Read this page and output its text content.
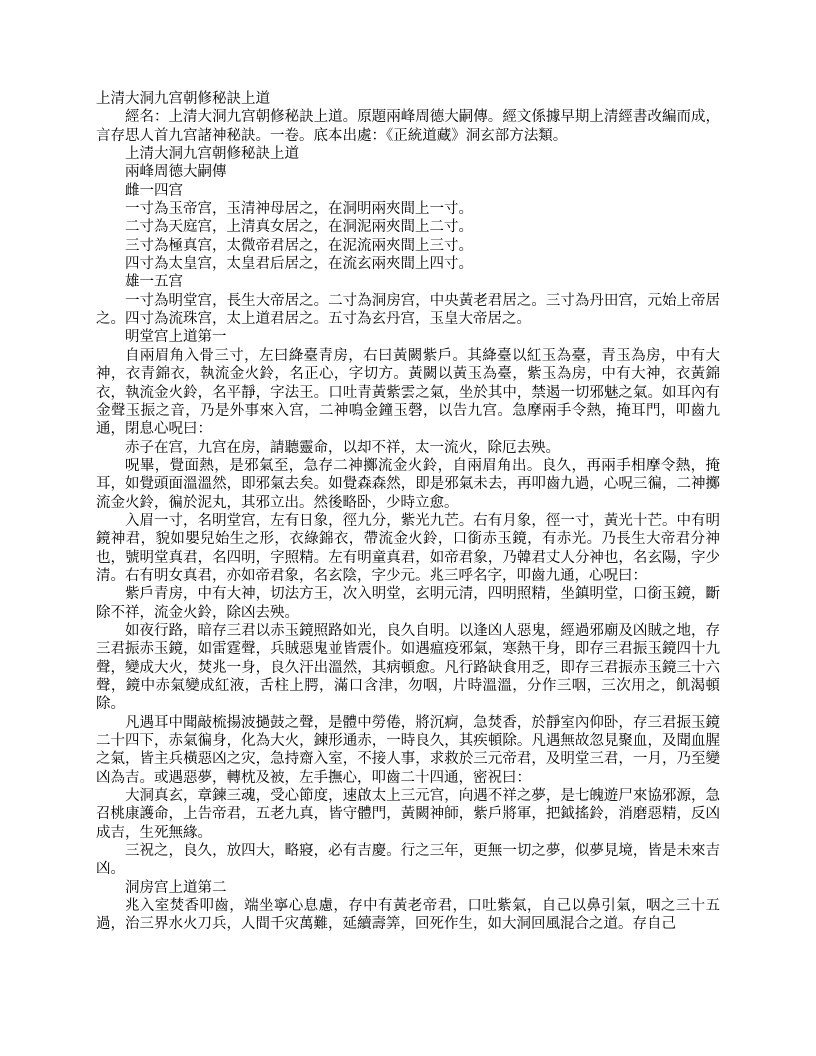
上清大洞九宫朝修秘訣上道

經名：上清大洞九宫朝修秘訣上道。原題兩峰周德大嗣傳。經文係據早期上清經書改編而成，言存思人首九宫諸神秘訣。一卷。底本出處：《正統道藏》洞玄部方法類。

上清大洞九宫朝修秘訣上道

兩峰周德大嗣傳

雌一四宫

一寸為玉帝宫，玉清神母居之，在洞明兩夾間上一寸。

二寸為天庭宫，上清真女居之，在洞泥兩夾間上二寸。

三寸為極真宫，太微帝君居之，在泥流兩夾間上三寸。

四寸為太皇宫，太皇君后居之，在流玄兩夾間上四寸。

雄一五宫

一寸為明堂宫，長生大帝居之。二寸為洞房宫，中央黃老君居之。三寸為丹田宫，元始上帝居之。四寸為流珠宫，太上道君居之。五寸為玄丹宫，玉皇大帝居之。

明堂宫上道第一

自兩眉角入骨三寸，左曰絳臺青房，右曰黃闕紫戶。其絳臺以紅玉為臺，青玉為房，中有大神，衣青錦衣，執流金火鈴，名正心，字切方。黃闕以黃玉為臺，紫玉為房，中有大神，衣黃錦衣，執流金火鈴，名平靜，字法王。口吐青黃紫雲之氣，坐於其中，禁遏一切邪魅之氣。如耳內有金聲玉振之音，乃是外事來入宫，二神鳴金鐘玉磬，以告九宫。急摩兩手令熱，掩耳門，叩齒九通，閉息心呪曰：

赤子在宫，九宫在房，請聽靈命，以却不祥，太一流火，除厄去殃。

呪畢，覺面熱，是邪氣至，急存二神擲流金火鈴，自兩眉角出。良久，再兩手相摩令熱，掩耳，如覺頭面溫溫然，即邪氣去矣。如覺森森然，即是邪氣未去，再叩齒九過，心呪三徧，二神擲流金火鈴，徧於泥丸，其邪立出。然後略卧，少時立愈。

入眉一寸，名明堂宫，左有日象，徑九分，紫光九芒。右有月象，徑一寸，黃光十芒。中有明鏡神君，貌如嬰兒始生之形，衣綠錦衣，帶流金火鈴，口銜赤玉鏡，有赤光。乃長生大帝君分神也，號明堂真君，名四明，字照精。左有明童真君，如帝君象，乃韓君丈人分神也，名玄陽，字少清。右有明女真君，亦如帝君象，名玄陰，字少元。兆三呼名字，叩齒九通，心呪曰：

紫戶青房，中有大神，切法方王，次入明堂，玄明元清，四明照精，坐鎮明堂，口銜玉鏡，斷除不祥，流金火鈴，除凶去殃。

如夜行路，暗存三君以赤玉鏡照路如光，良久自明。以逢凶人惡鬼，經過邪廟及凶賊之地，存三君振赤玉鏡，如雷霆聲，兵賊惡鬼並皆震仆。如遇瘟疫邪氣，寒熱干身，即存三君振玉鏡四十九聲，變成大火，焚兆一身，良久汗出溫然，其病頓愈。凡行路缺食用乏，即存三君振赤玉鏡三十六聲，鏡中赤氣變成紅液，舌柱上腭，滿口含津，勿咽，片時溫溫，分作三咽，三次用之，飢渴頓除。

凡遇耳中聞敲梳揚波撾鼓之聲，是體中勞倦，將沉痾，急焚香，於靜室內仰卧，存三君振玉鏡二十四下，赤氣徧身，化為大火，鍊形通赤，一時良久，其疾頓除。凡遇無故忽見聚血，及聞血腥之氣，皆主兵橫惡凶之灾，急持齋入室，不接人事，求救於三元帝君，及明堂三君，一月，乃至變凶為吉。或遇惡夢，轉枕及被，左手撫心，叩齒二十四通，密祝曰：

大洞真玄，章鍊三魂，受心節度，速啟太上三元宫，向遇不祥之夢，是七魄遊尸來協邪源，急召桃康護命，上告帝君，五老九真，皆守體門，黃闕神師，紫戶將軍，把鉞搖鈴，消磨惡精，反凶成吉，生死無緣。

三祝之，良久，放四大，略寢，必有吉慶。行之三年，更無一切之夢，似夢見境，皆是未來吉凶。

洞房宫上道第二

兆入室焚香叩齒，端坐寧心息慮，存中有黃老帝君，口吐紫氣，自己以鼻引氣，咽之三十五過，治三界水火刀兵，人間千灾萬難，延續壽筭，回死作生，如大洞回風混合之道。存自己
